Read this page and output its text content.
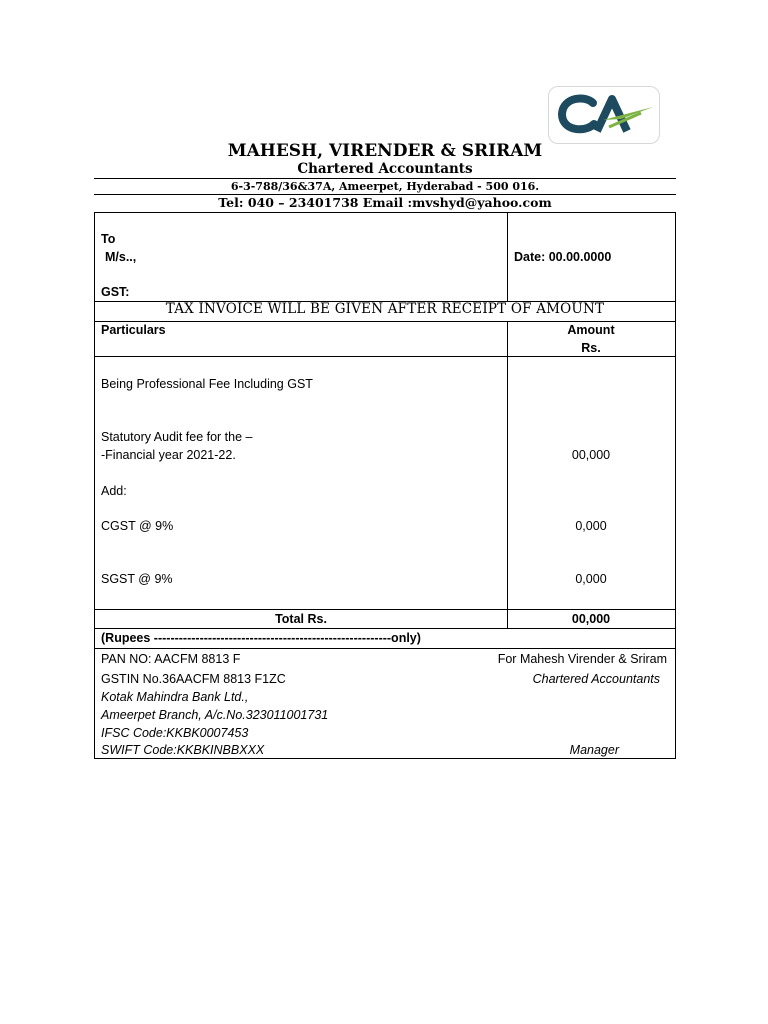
MAHESH, VIRENDER & SRIRAM
Chartered Accountants
6-3-788/36&37A, Ameerpet, Hyderabad - 500 016.
Tel: 040 – 23401738 Email :mvshyd@yahoo.com
To
M/s..,
GST:
Date: 00.00.0000
TAX INVOICE WILL BE GIVEN AFTER RECEIPT OF AMOUNT
Particulars	Amount
Rs.
Being Professional Fee Including GST
Statutory Audit fee for the –
-Financial year 2021-22.	00,000
Add:
CGST @ 9%	0,000
SGST @ 9%	0,000
Total Rs.	00,000
(Rupees ---------------------------------------------------------only)
PAN NO: AACFM 8813 F
GSTIN No.36AACFM 8813 F1ZC
Kotak Mahindra Bank Ltd.,
Ameerpet Branch, A/c.No.323011001731
IFSC Code:KKBK0007453
SWIFT Code:KKBKINBBXXX
For Mahesh Virender & Sriram
Chartered Accountants
Manager
